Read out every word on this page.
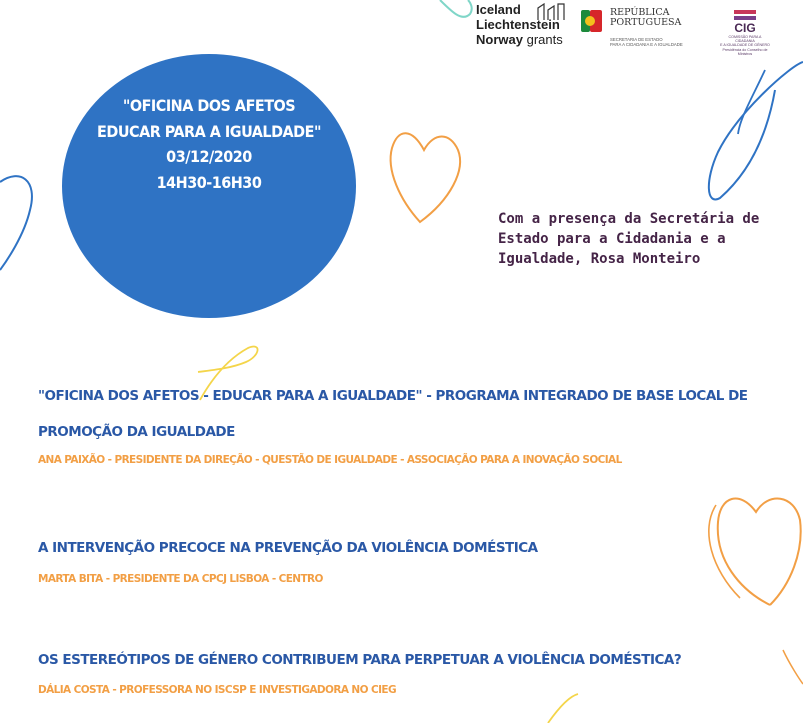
Iceland
Liechtenstein
Norway grants
REPÚBLICA
PORTUGUESA
SECRETARIA DE ESTADO
PARA A CIDADANIA E A IGUALDADE
CIG
COMISSÃO PARA A CIDADANIA
E A IGUALDADE DE GÉNERO
Presidência do Conselho de Ministros
"OFICINA DOS AFETOS
EDUCAR PARA A IGUALDADE"
03/12/2020
14H30-16H30
Com a presença da Secretária de Estado para a Cidadania e a Igualdade, Rosa Monteiro
"OFICINA DOS AFETOS - EDUCAR PARA A IGUALDADE" - PROGRAMA INTEGRADO DE BASE LOCAL DE
PROMOÇÃO DA IGUALDADE
ANA PAIXÃO - PRESIDENTE DA DIREÇÃO - QUESTÃO DE IGUALDADE - ASSOCIAÇÃO PARA A INOVAÇÃO SOCIAL
A INTERVENÇÃO PRECOCE NA PREVENÇÃO DA VIOLÊNCIA DOMÉSTICA
MARTA BITA - PRESIDENTE DA CPCJ LISBOA - CENTRO
OS ESTEREÓTIPOS DE GÉNERO CONTRIBUEM PARA PERPETUAR A VIOLÊNCIA DOMÉSTICA?
DÁLIA COSTA - PROFESSORA NO ISCSP E INVESTIGADORA NO CIEG
